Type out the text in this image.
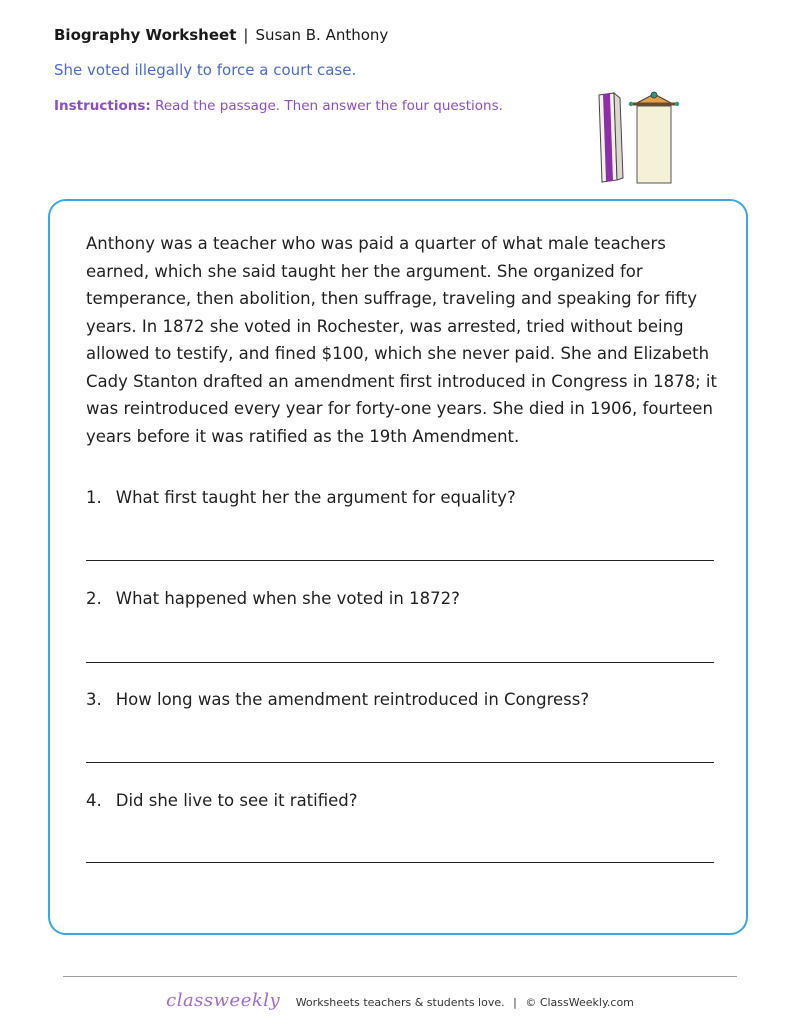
Biography Worksheet | Susan B. Anthony
She voted illegally to force a court case.
Instructions: Read the passage. Then answer the four questions.

Anthony was a teacher who was paid a quarter of what male teachers earned, which she said taught her the argument. She organized for temperance, then abolition, then suffrage, traveling and speaking for fifty years. In 1872 she voted in Rochester, was arrested, tried without being allowed to testify, and fined $100, which she never paid. She and Elizabeth Cady Stanton drafted an amendment first introduced in Congress in 1878; it was reintroduced every year for forty-one years. She died in 1906, fourteen years before it was ratified as the 19th Amendment.

1. What first taught her the argument for equality?
2. What happened when she voted in 1872?
3. How long was the amendment reintroduced in Congress?
4. Did she live to see it ratified?
classweekly Worksheets teachers & students love. | © ClassWeekly.com
